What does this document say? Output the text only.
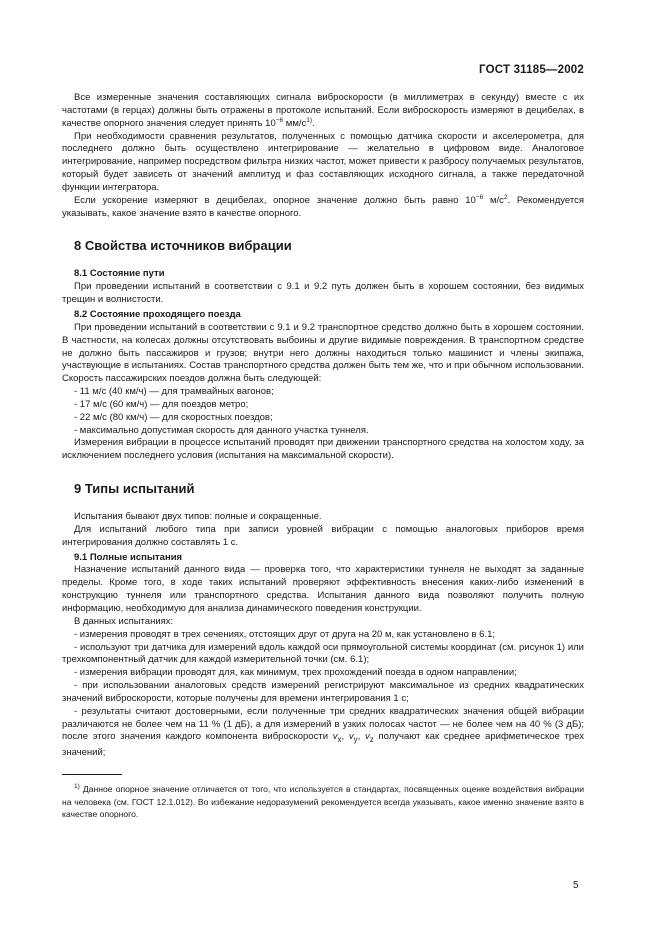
ГОСТ 31185—2002

Все измеренные значения составляющих сигнала виброскорости (в миллиметрах в секунду) вместе с их частотами (в герцах) должны быть отражены в протоколе испытаний. Если виброскорость измеряют в децибелах, в качестве опорного значения следует принять $10^{-6}$ $мм/с^{1)}$.

При необходимости сравнения результатов, полученных с помощью датчика скорости и акселерометра, для последнего должно быть осуществлено интегрирование — желательно в цифровом виде. Аналоговое интегрирование, например посредством фильтра низких частот, может привести к разбросу получаемых результатов, который будет зависеть от значений амплитуд и фаз составляющих исходного сигнала, а также передаточной функции интегратора.

Если ускорение измеряют в децибелах, опорное значение должно быть равно $10^{-6}$ $м/с^2$. Рекомендуется указывать, какое значение взято в качестве опорного.

8 Свойства источников вибрации

8.1 Состояние пути

При проведении испытаний в соответствии с 9.1 и 9.2 путь должен быть в хорошем состоянии, без видимых трещин и волнистости.

8.2 Состояние проходящего поезда

При проведении испытаний в соответствии с 9.1 и 9.2 транспортное средство должно быть в хорошем состоянии. В частности, на колесах должны отсутствовать выбоины и другие видимые повреждения. В транспортном средстве не должно быть пассажиров и грузов; внутри него должны находиться только машинист и члены экипажа, участвующие в испытаниях. Состав транспортного средства должен быть тем же, что и при обычном использовании. Скорость пассажирских поездов должна быть следующей:

- 11 м/с (40 км/ч) — для трамвайных вагонов;

- 17 м/с (60 км/ч) — для поездов метро;

- 22 м/с (80 км/ч) — для скоростных поездов;

- максимально допустимая скорость для данного участка туннеля.

Измерения вибрации в процессе испытаний проводят при движении транспортного средства на холостом ходу, за исключением последнего условия (испытания на максимальной скорости).

9 Типы испытаний

Испытания бывают двух типов: полные и сокращенные.

Для испытаний любого типа при записи уровней вибрации с помощью аналоговых приборов время интегрирования должно составлять 1 с.

9.1 Полные испытания

Назначение испытаний данного вида — проверка того, что характеристики туннеля не выходят за заданные пределы. Кроме того, в ходе таких испытаний проверяют эффективность внесения каких-либо изменений в конструкцию туннеля или транспортного средства. Испытания данного вида позволяют получить полную информацию, необходимую для анализа динамического поведения конструкции.

В данных испытаниях:

- измерения проводят в трех сечениях, отстоящих друг от друга на 20 м, как установлено в 6.1;

- используют три датчика для измерений вдоль каждой оси прямоугольной системы координат (см. рисунок 1) или трехкомпонентный датчик для каждой измерительной точки (см. 6.1);

- измерения вибрации проводят для, как минимум, трех прохождений поезда в одном направлении;

- при использовании аналоговых средств измерений регистрируют максимальное из средних квадратических значений виброскорости, которые получены для времени интегрирования 1 с;

- результаты считают достоверными, если полученные три средних квадратических значения общей вибрации различаются не более чем на 11 % (1 дБ), а для измерений в узких полосах частот — не более чем на 40 % (3 дБ); после этого значения каждого компонента виброскорости $v_x$, $v_y$, $v_z$ получают как среднее арифметическое трех значений;

$^{1)}$ Данное опорное значение отличается от того, что используется в стандартах, посвященных оценке воздействия вибрации на человека (см. ГОСТ 12.1.012). Во избежание недоразумений рекомендуется всегда указывать, какое именно значение взято в качестве опорного.

5
